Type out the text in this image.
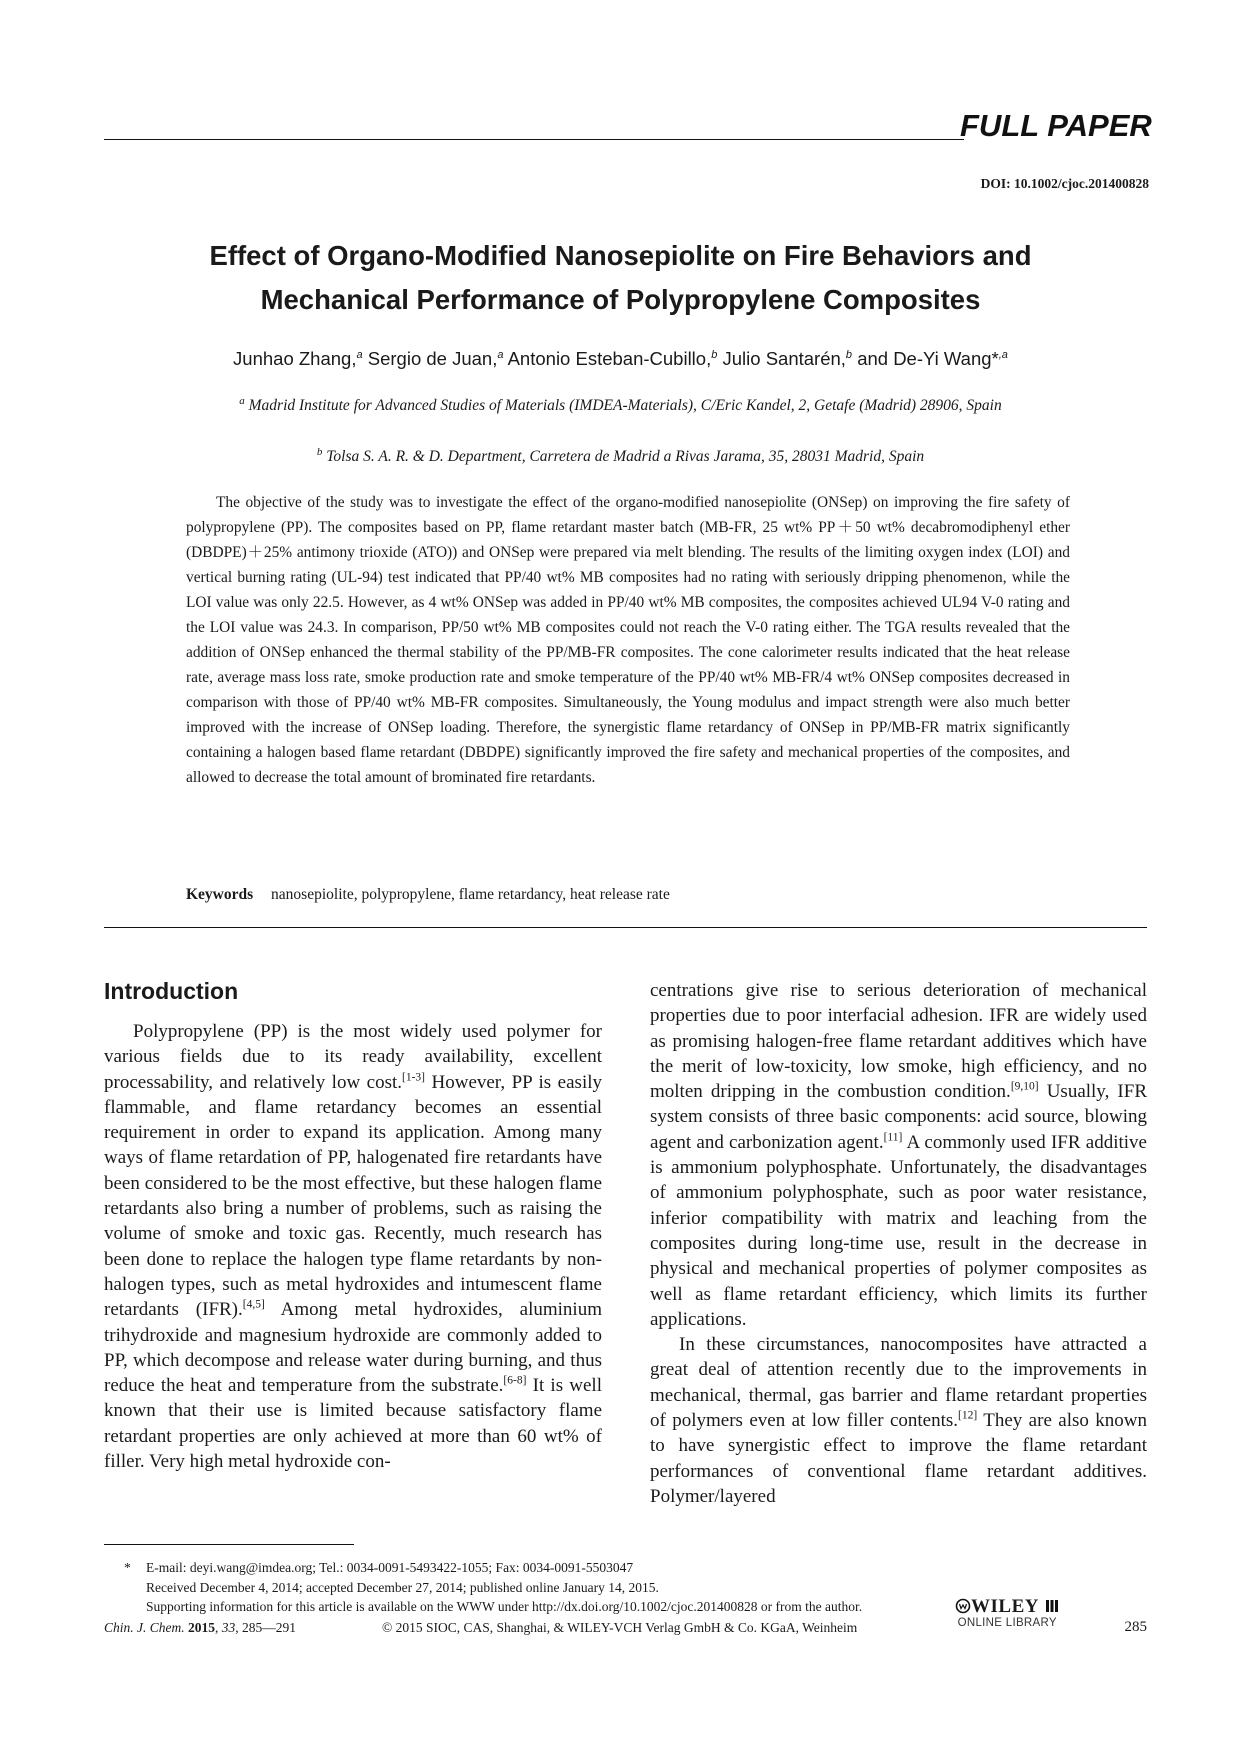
FULL PAPER
DOI: 10.1002/cjoc.201400828
Effect of Organo-Modified Nanosepiolite on Fire Behaviors and
Mechanical Performance of Polypropylene Composites
Junhao Zhang,$^a$ Sergio de Juan,$^a$ Antonio Esteban-Cubillo,$^b$ Julio Santarén,$^b$ and De-Yi Wang*$^{,a}$
$^a$ Madrid Institute for Advanced Studies of Materials (IMDEA-Materials), C/Eric Kandel, 2, Getafe (Madrid) 28906, Spain
$^b$ Tolsa S. A. R. & D. Department, Carretera de Madrid a Rivas Jarama, 35, 28031 Madrid, Spain

The objective of the study was to investigate the effect of the organo-modified nanosepiolite (ONSep) on improving the fire safety of polypropylene (PP). The composites based on PP, flame retardant master batch (MB-FR, 25 wt% PP＋50 wt% decabromodiphenyl ether (DBDPE)＋25% antimony trioxide (ATO)) and ONSep were prepared via melt blending. The results of the limiting oxygen index (LOI) and vertical burning rating (UL-94) test indicated that PP/40 wt% MB composites had no rating with seriously dripping phenomenon, while the LOI value was only 22.5. However, as 4 wt% ONSep was added in PP/40 wt% MB composites, the composites achieved UL94 V-0 rating and the LOI value was 24.3. In comparison, PP/50 wt% MB composites could not reach the V-0 rating either. The TGA results revealed that the addition of ONSep enhanced the thermal stability of the PP/MB-FR composites. The cone calorimeter results indicated that the heat release rate, average mass loss rate, smoke production rate and smoke temperature of the PP/40 wt% MB-FR/4 wt% ONSep composites decreased in comparison with those of PP/40 wt% MB-FR composites. Simultaneously, the Young modulus and impact strength were also much better improved with the increase of ONSep loading. Therefore, the synergistic flame retardancy of ONSep in PP/MB-FR matrix significantly containing a halogen based flame retardant (DBDPE) significantly improved the fire safety and mechanical properties of the composites, and allowed to decrease the total amount of brominated fire retardants.

Keywords nanosepiolite, polypropylene, flame retardancy, heat release rate
Introduction

Polypropylene (PP) is the most widely used polymer for various fields due to its ready availability, excellent processability, and relatively low cost.[1-3] However, PP is easily flammable, and flame retardancy becomes an essential requirement in order to expand its application. Among many ways of flame retardation of PP, halogenated fire retardants have been considered to be the most effective, but these halogen flame retardants also bring a number of problems, such as raising the volume of smoke and toxic gas. Recently, much research has been done to replace the halogen type flame retardants by non-halogen types, such as metal hydroxides and intumescent flame retardants (IFR).[4,5] Among metal hydroxides, aluminium trihydroxide and magnesium hydroxide are commonly added to PP, which decompose and release water during burning, and thus reduce the heat and temperature from the substrate.[6-8] It is well known that their use is limited because satisfactory flame retardant properties are only achieved at more than 60 wt% of filler. Very high metal hydroxide con-

centrations give rise to serious deterioration of mechanical properties due to poor interfacial adhesion. IFR are widely used as promising halogen-free flame retardant additives which have the merit of low-toxicity, low smoke, high efficiency, and no molten dripping in the combustion condition.[9,10] Usually, IFR system consists of three basic components: acid source, blowing agent and carbonization agent.[11] A commonly used IFR additive is ammonium polyphosphate. Unfortunately, the disadvantages of ammonium polyphosphate, such as poor water resistance, inferior compatibility with matrix and leaching from the composites during long-time use, result in the decrease in physical and mechanical properties of polymer composites as well as flame retardant efficiency, which limits its further applications.

In these circumstances, nanocomposites have attracted a great deal of attention recently due to the improvements in mechanical, thermal, gas barrier and flame retardant properties of polymers even at low filler contents.[12] They are also known to have synergistic effect to improve the flame retardant performances of conventional flame retardant additives. Polymer/layered

* E-mail: deyi.wang@imdea.org; Tel.: 0034-0091-5493422-1055; Fax: 0034-0091-5503047
Received December 4, 2014; accepted December 27, 2014; published online January 14, 2015.
Supporting information for this article is available on the WWW under http://dx.doi.org/10.1002/cjoc.201400828 or from the author.
Chin. J. Chem. 2015, 33, 285—291	© 2015 SIOC, CAS, Shanghai, & WILEY-VCH Verlag GmbH & Co. KGaA, Weinheim
WILEY
ONLINE LIBRARY	285
